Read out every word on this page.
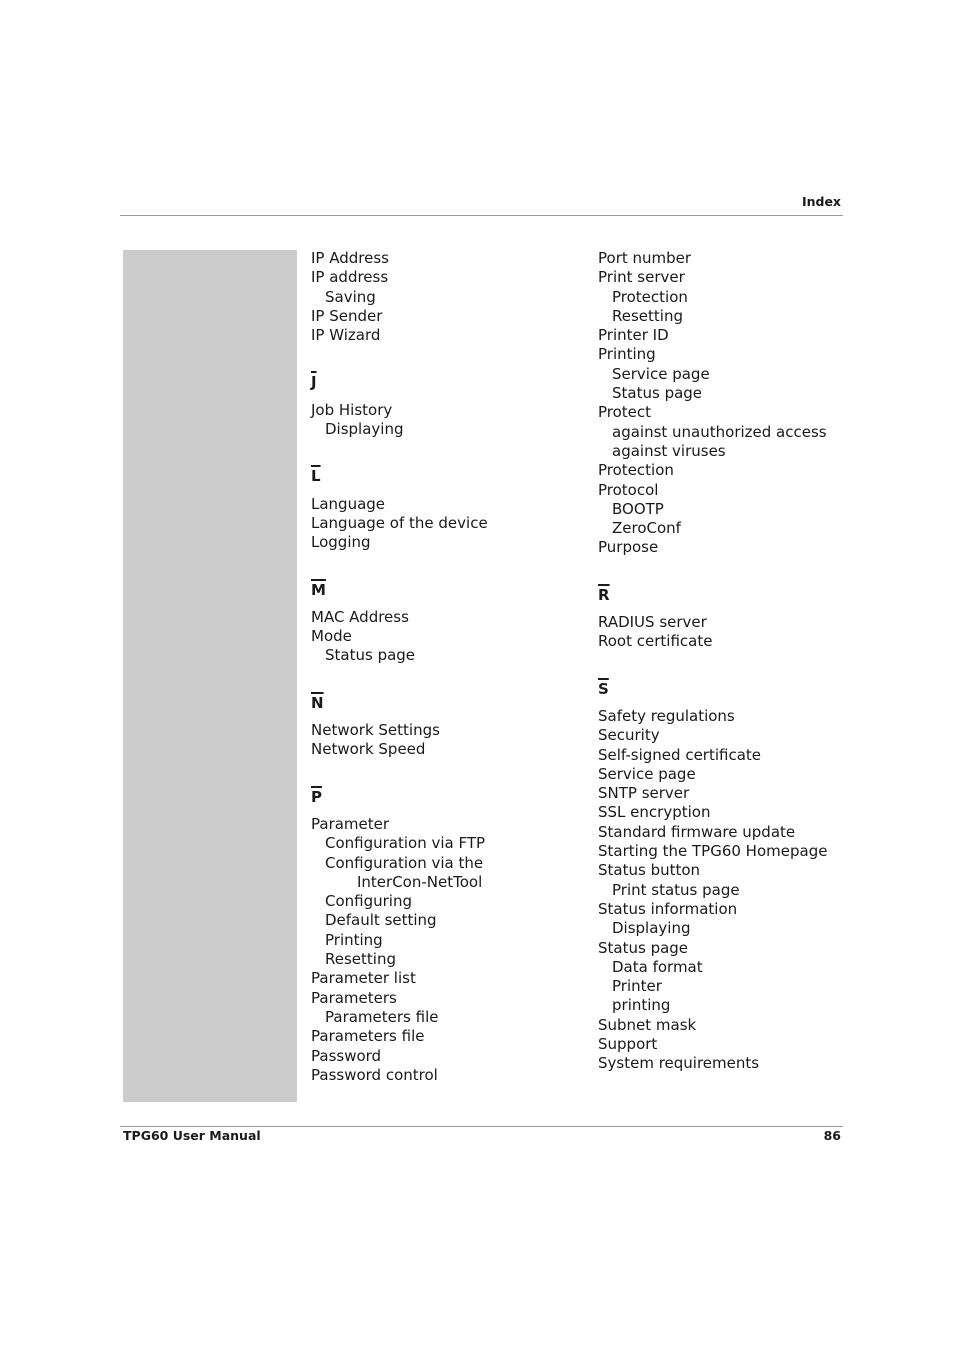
Index
IP Address
IP address
Saving
IP Sender
IP Wizard
$\overline{J}$
Job History
Displaying
$\overline{L}$
Language
Language of the device
Logging
$\overline{M}$
MAC Address
Mode
Status page
$\overline{N}$
Network Settings
Network Speed
$\overline{P}$
Parameter
Configuration via FTP
Configuration via the
InterCon-NetTool
Configuring
Default setting
Printing
Resetting
Parameter list
Parameters
Parameters file
Parameters file
Password
Password control
Port number
Print server
Protection
Resetting
Printer ID
Printing
Service page
Status page
Protect
against unauthorized access
against viruses
Protection
Protocol
BOOTP
ZeroConf
Purpose
$\overline{R}$
RADIUS server
Root certificate
$\overline{S}$
Safety regulations
Security
Self-signed certificate
Service page
SNTP server
SSL encryption
Standard firmware update
Starting the TPG60 Homepage
Status button
Print status page
Status information
Displaying
Status page
Data format
Printer
printing
Subnet mask
Support
System requirements
TPG60 User Manual	86
